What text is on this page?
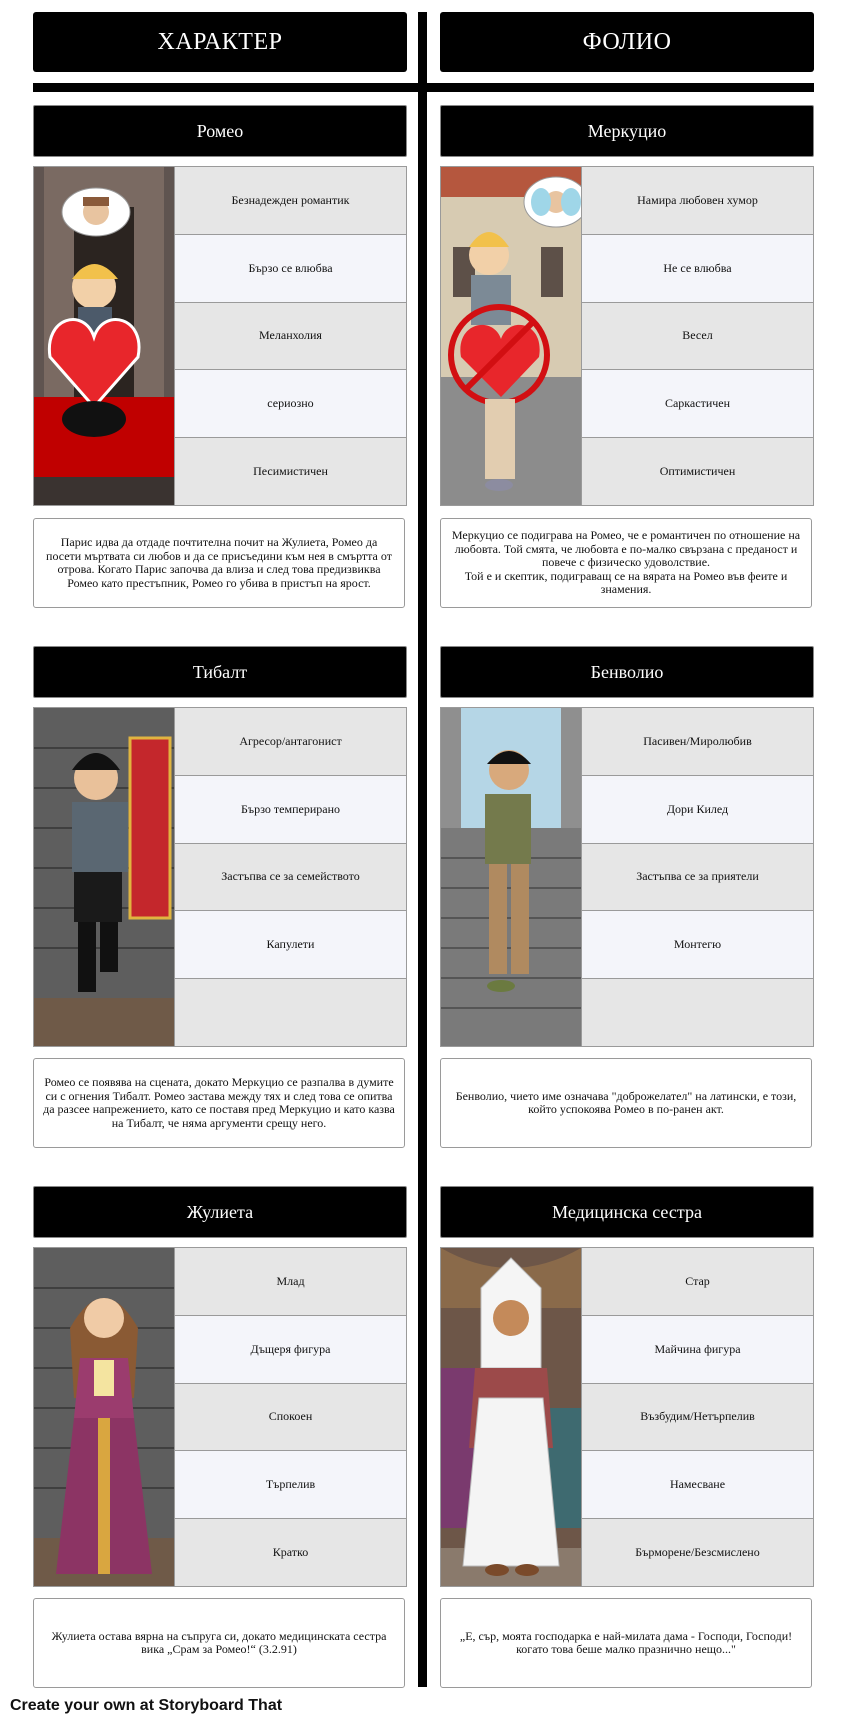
ХАРАКТЕР	ФОЛИО
Ромео	Меркуцио
Безнадежден романтик
Бързо се влюбва
Меланхолия
сериозно
Песимистичен
Намира любовен хумор
Не се влюбва
Весел
Саркастичен
Оптимистичен
Парис идва да отдаде почтителна почит на Жулиета, Ромео да посети мъртвата си любов и да се присъедини към нея в смъртта от отрова. Когато Парис започва да влиза и след това предизвиква Ромео като престъпник, Ромео го убива в пристъп на ярост.
Меркуцио се подиграва на Ромео, че е романтичен по отношение на любовта. Той смята, че любовта е по-малко свързана с преданост и повече с физическо удоволствие.
Той е и скептик, подиграващ се на вярата на Ромео във феите и знамения.
Тибалт	Бенволио
Агресор/антагонист
Бързо темперирано
Застъпва се за семейството
Капулети
Пасивен/Миролюбив
Дори Килед
Застъпва се за приятели
Монтегю
Ромео се появява на сцената, докато Меркуцио се разпалва в думите си с огнения Тибалт. Ромео застава между тях и след това се опитва да разсее напрежението, като се поставя пред Меркуцио и като казва на Тибалт, че няма аргументи срещу него.
Бенволио, чието име означава "доброжелател" на латински, е този, който успокоява Ромео в по-ранен акт.
Жулиета	Медицинска сестра
Млад
Дъщеря фигура
Спокоен
Търпелив
Кратко
Стар
Майчина фигура
Възбудим/Нетърпелив
Намесване
Бърморене/Безсмислено
Жулиета остава вярна на съпруга си, докато медицинската сестра вика „Срам за Ромео!“ (3.2.91)
„Е, сър, моята господарка е най-милата дама - Господи, Господи! когато това беше малко празнично нещо..."
Create your own at Storyboard That
